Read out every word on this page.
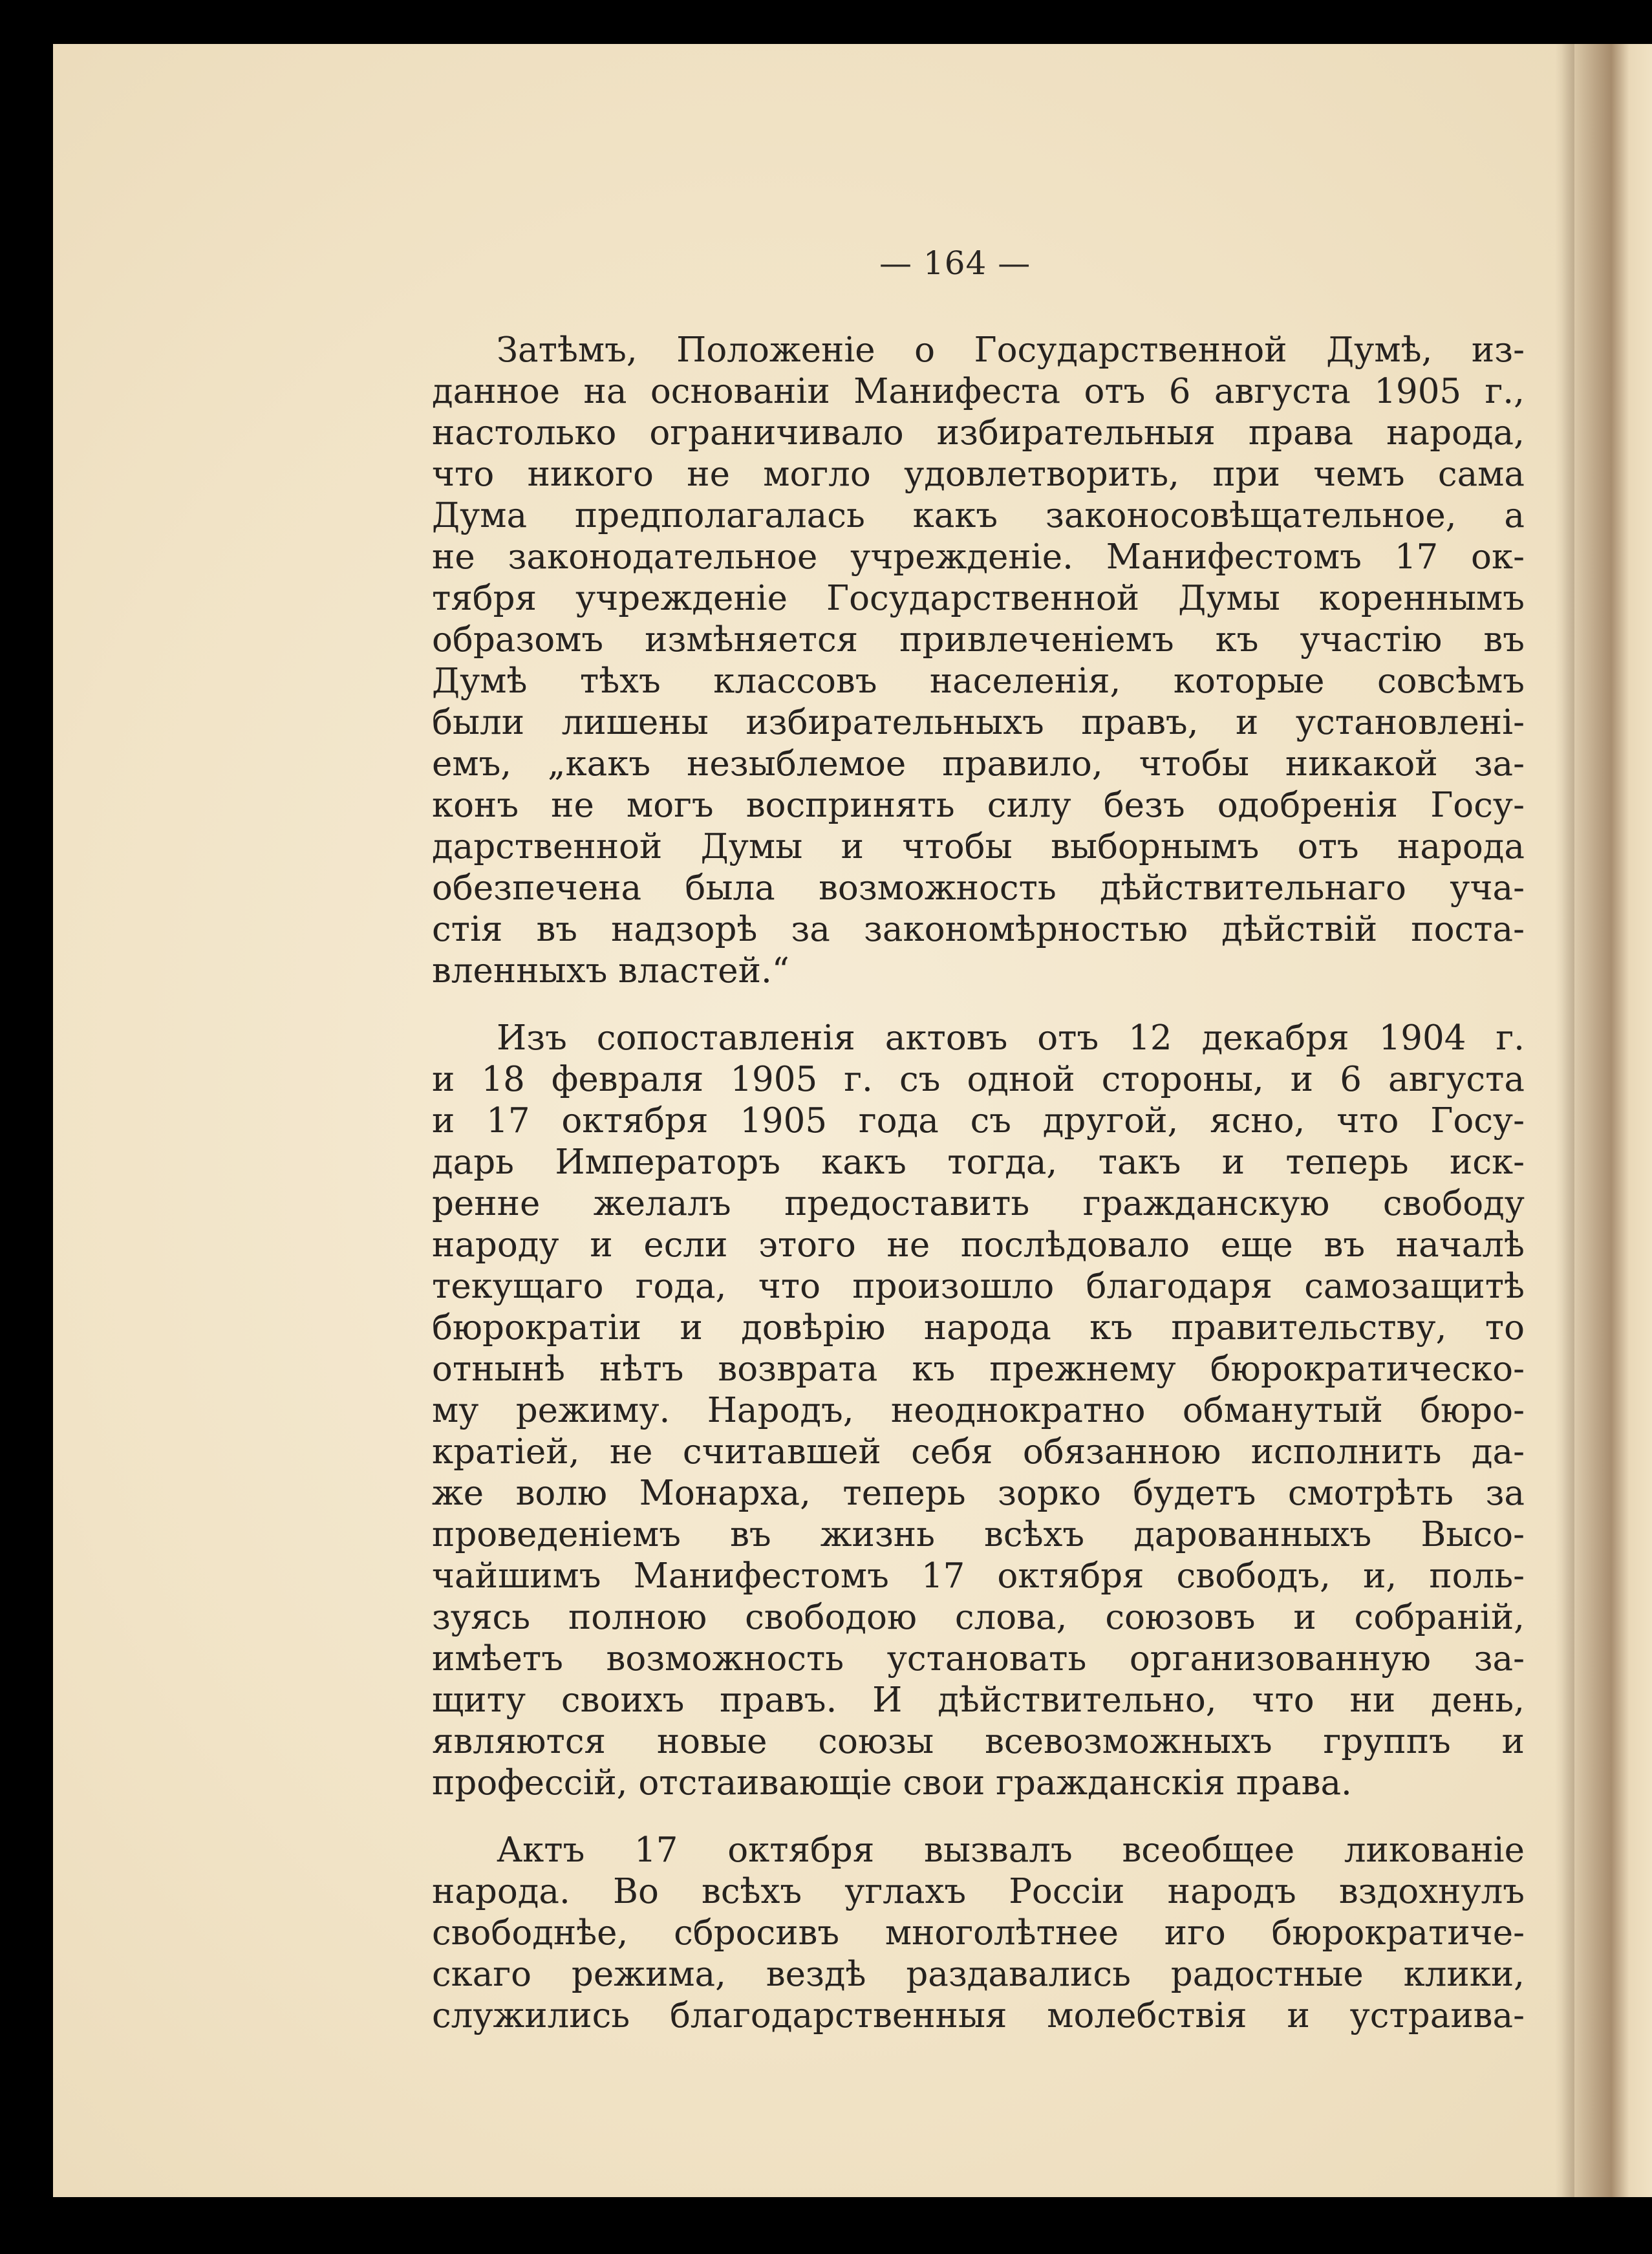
— 164 —
Затѣмъ, Положеніе о Государственной Думѣ, из-
данное на основаніи Манифеста отъ 6 августа 1905 г.,
настолько ограничивало избирательныя права народа,
что никого не могло удовлетворить, при чемъ сама
Дума предполагалась какъ законосовѣщательное, а
не законодательное учрежденіе. Манифестомъ 17 ок-
тября учрежденіе Государственной Думы кореннымъ
образомъ измѣняется привлеченіемъ къ участію въ
Думѣ тѣхъ классовъ населенія, которые совсѣмъ
были лишены избирательныхъ правъ, и установлені-
емъ, „какъ незыблемое правило, чтобы никакой за-
конъ не могъ воспринять силу безъ одобренія Госу-
дарственной Думы и чтобы выборнымъ отъ народа
обезпечена была возможность дѣйствительнаго уча-
стія въ надзорѣ за закономѣрностью дѣйствій поста-
вленныхъ властей.“
Изъ сопоставленія актовъ отъ 12 декабря 1904 г.
и 18 февраля 1905 г. съ одной стороны, и 6 августа
и 17 октября 1905 года съ другой, ясно, что Госу-
дарь Императоръ какъ тогда, такъ и теперь иск-
ренне желалъ предоставить гражданскую свободу
народу и если этого не послѣдовало еще въ началѣ
текущаго года, что произошло благодаря самозащитѣ
бюрократіи и довѣрію народа къ правительству, то
отнынѣ нѣтъ возврата къ прежнему бюрократическо-
му режиму. Народъ, неоднократно обманутый бюро-
кратіей, не считавшей себя обязанною исполнить да-
же волю Монарха, теперь зорко будетъ смотрѣть за
проведеніемъ въ жизнь всѣхъ дарованныхъ Высо-
чайшимъ Манифестомъ 17 октября свободъ, и, поль-
зуясь полною свободою слова, союзовъ и собраній,
имѣетъ возможность установать организованную за-
щиту своихъ правъ. И дѣйствительно, что ни день,
являются новые союзы всевозможныхъ группъ и
профессій, отстаивающіе свои гражданскія права.
Актъ 17 октября вызвалъ всеобщее ликованіе
народа. Во всѣхъ углахъ Россіи народъ вздохнулъ
свободнѣе, сбросивъ многолѣтнее иго бюрократиче-
скаго режима, вездѣ раздавались радостные клики,
служились благодарственныя молебствія и устраива-
